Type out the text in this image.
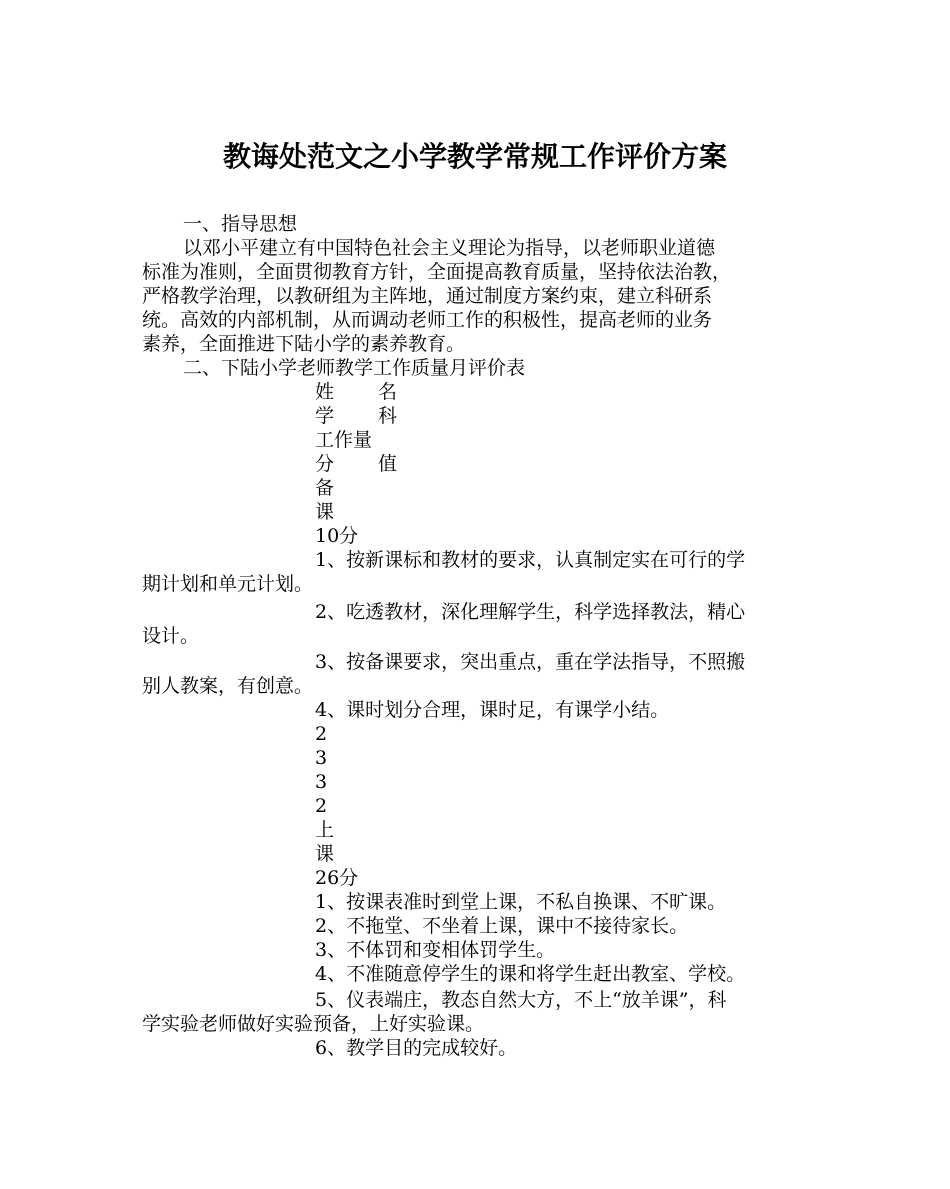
教诲处范文之小学教学常规工作评价方案
一、指导思想
以邓小平建立有中国特色社会主义理论为指导，以老师职业道德
标准为准则，全面贯彻教育方针，全面提高教育质量，坚持依法治教，
严格教学治理，以教研组为主阵地，通过制度方案约束，建立科研系
统。高效的内部机制，从而调动老师工作的积极性，提高老师的业务
素养，全面推进下陆小学的素养教育。
二、下陆小学老师教学工作质量月评价表
姓 名
学 科
工作量
分 值
备
课
10分
1、按新课标和教材的要求，认真制定实在可行的学
期计划和单元计划。
2、吃透教材，深化理解学生，科学选择教法，精心
设计。
3、按备课要求，突出重点，重在学法指导，不照搬
别人教案，有创意。
4、课时划分合理，课时足，有课学小结。
2
3
3
2
上
课
26分
1、按课表准时到堂上课，不私自换课、不旷课。
2、不拖堂、不坐着上课，课中不接待家长。
3、不体罚和变相体罚学生。
4、不准随意停学生的课和将学生赶出教室、学校。
5、仪表端庄，教态自然大方，不上“放羊课”，科
学实验老师做好实验预备，上好实验课。
6、教学目的完成较好。
